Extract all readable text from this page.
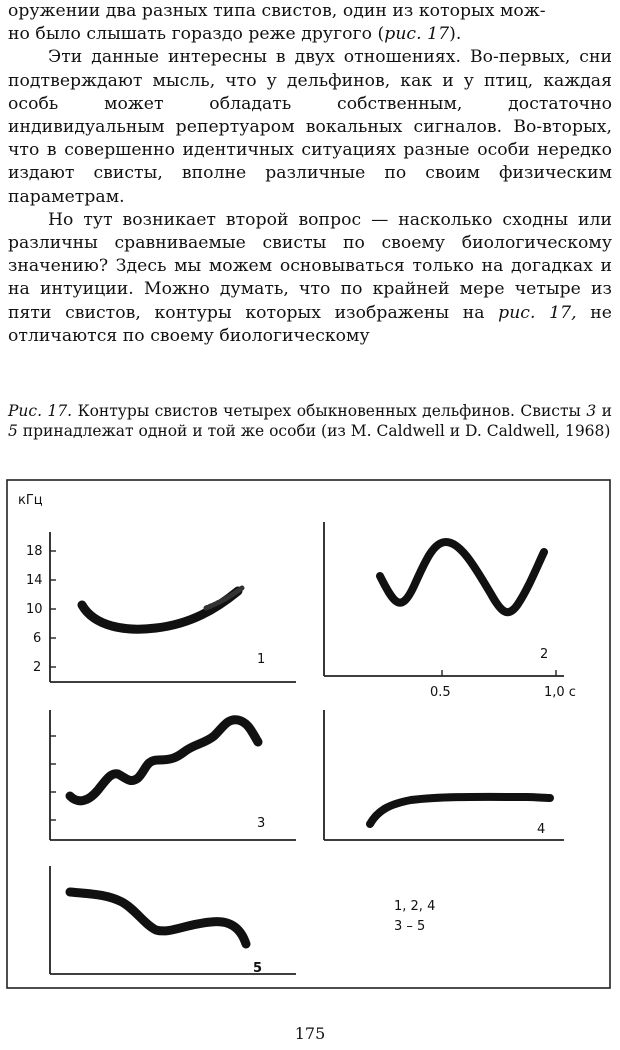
оружении два разных типа свистов, один из которых мож-
но было слышать гораздо реже другого (рис. 17).

Эти данные интересны в двух отношениях. Во-первых, сни подтверждают мысль, что у дельфинов, как и у птиц, каждая особь может обладать собственным, достаточно индивидуальным репертуаром вокальных сигналов. Во-вторых, что в совершенно идентичных ситуациях разные особи нередко издают свисты, вполне различные по своим физическим параметрам.

Но тут возникает второй вопрос — насколько сходны или различны сравниваемые свисты по своему биологическому значению? Здесь мы можем основываться только на догадках и на интуиции. Можно думать, что по крайней мере четыре из пяти свистов, контуры которых изображены на рис. 17, не отличаются по своему биологическому

Рис. 17. Контуры свистов четырех обыкновенных дельфинов. Свисты 3 и 5 принадлежат одной и той же особи (из M. Caldwell и D. Caldwell, 1968)
кГц
18
14
10
6
2
1	2
0.5	1,0 с
3	4
5
1, 2, 4
3 – 5
175
